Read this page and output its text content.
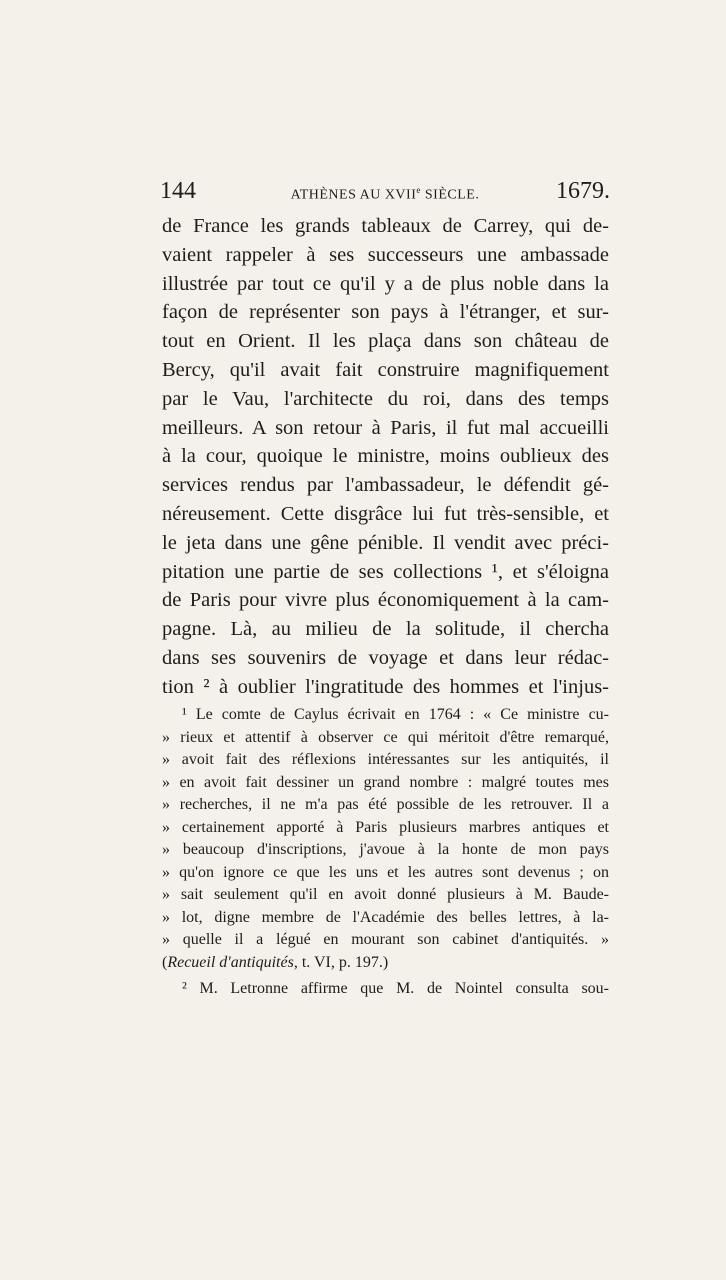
144	ATHÈNES AU XVIIe SIÈCLE.	1679.
de France les grands tableaux de Carrey, qui de-
vaient rappeler à ses successeurs une ambassade
illustrée par tout ce qu'il y a de plus noble dans la
façon de représenter son pays à l'étranger, et sur-
tout en Orient. Il les plaça dans son château de
Bercy, qu'il avait fait construire magnifiquement
par le Vau, l'architecte du roi, dans des temps
meilleurs. A son retour à Paris, il fut mal accueilli
à la cour, quoique le ministre, moins oublieux des
services rendus par l'ambassadeur, le défendit gé-
néreusement. Cette disgrâce lui fut très-sensible, et
le jeta dans une gêne pénible. Il vendit avec préci-
pitation une partie de ses collections ¹, et s'éloigna
de Paris pour vivre plus économiquement à la cam-
pagne. Là, au milieu de la solitude, il chercha
dans ses souvenirs de voyage et dans leur rédac-
tion ² à oublier l'ingratitude des hommes et l'injus-
¹ Le comte de Caylus écrivait en 1764 : « Ce ministre cu-
» rieux et attentif à observer ce qui méritoit d'être remarqué,
» avoit fait des réflexions intéressantes sur les antiquités, il
» en avoit fait dessiner un grand nombre : malgré toutes mes
» recherches, il ne m'a pas été possible de les retrouver. Il a
» certainement apporté à Paris plusieurs marbres antiques et
» beaucoup d'inscriptions, j'avoue à la honte de mon pays
» qu'on ignore ce que les uns et les autres sont devenus ; on
» sait seulement qu'il en avoit donné plusieurs à M. Baude-
» lot, digne membre de l'Académie des belles lettres, à la-
» quelle il a légué en mourant son cabinet d'antiquités. »
(Recueil d'antiquités, t. VI, p. 197.)
² M. Letronne affirme que M. de Nointel consulta sou-
